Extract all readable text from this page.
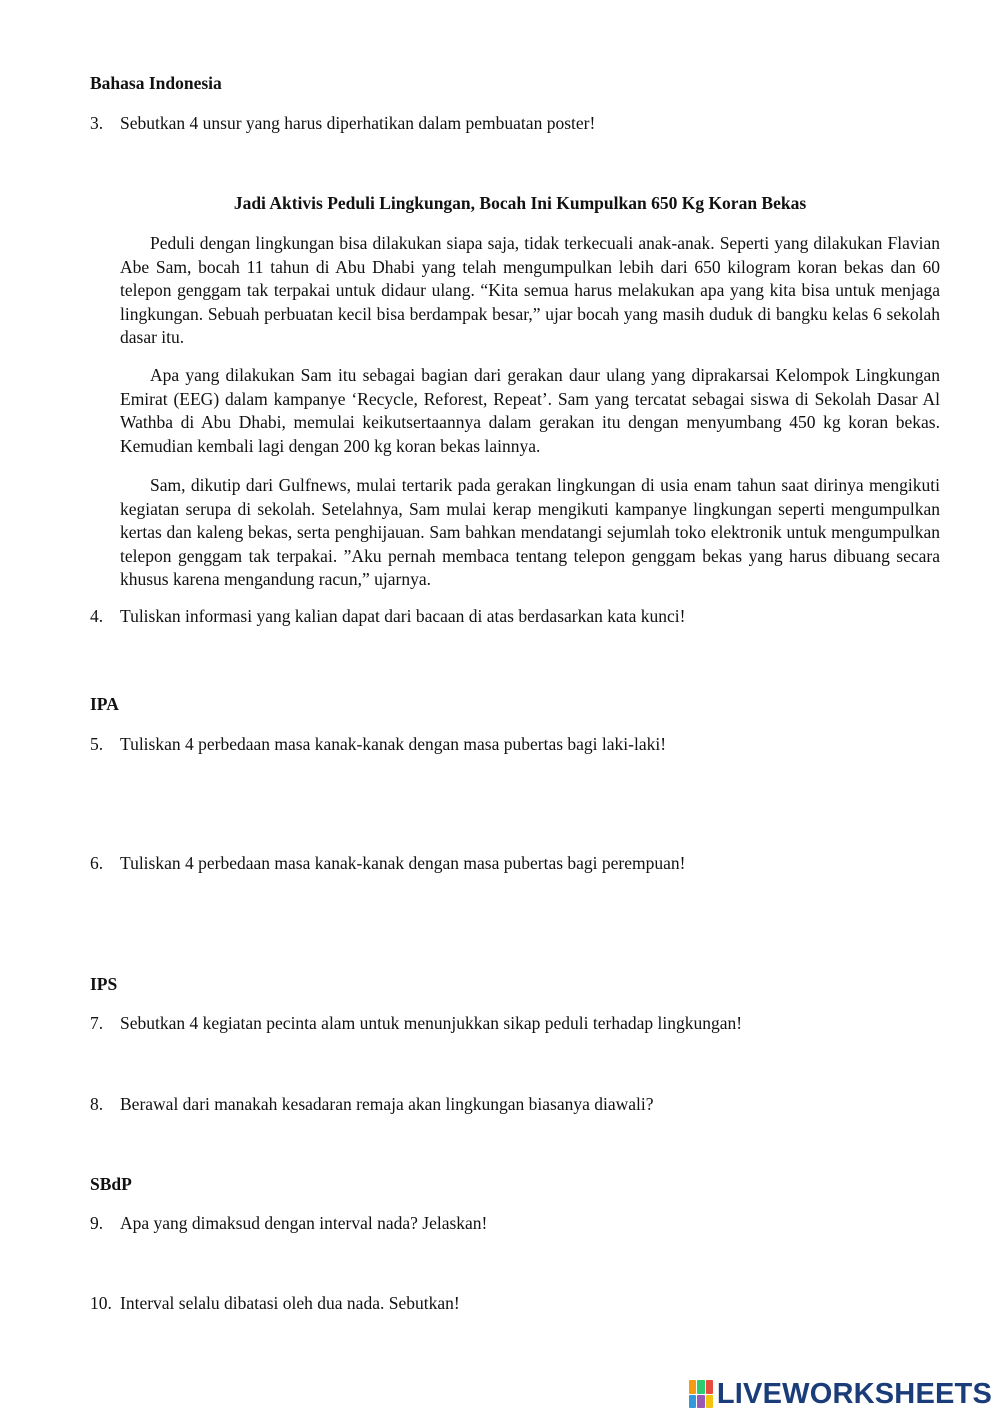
Bahasa Indonesia
3. Sebutkan 4 unsur yang harus diperhatikan dalam pembuatan poster!
Jadi Aktivis Peduli Lingkungan, Bocah Ini Kumpulkan 650 Kg Koran Bekas
Peduli dengan lingkungan bisa dilakukan siapa saja, tidak terkecuali anak-anak. Seperti yang dilakukan Flavian Abe Sam, bocah 11 tahun di Abu Dhabi yang telah mengumpulkan lebih dari 650 kilogram koran bekas dan 60 telepon genggam tak terpakai untuk didaur ulang. “Kita semua harus melakukan apa yang kita bisa untuk menjaga lingkungan. Sebuah perbuatan kecil bisa berdampak besar,” ujar bocah yang masih duduk di bangku kelas 6 sekolah dasar itu.
Apa yang dilakukan Sam itu sebagai bagian dari gerakan daur ulang yang diprakarsai Kelompok Lingkungan Emirat (EEG) dalam kampanye ‘Recycle, Reforest, Repeat’. Sam yang tercatat sebagai siswa di Sekolah Dasar Al Wathba di Abu Dhabi, memulai keikutsertaannya dalam gerakan itu dengan menyumbang 450 kg koran bekas. Kemudian kembali lagi dengan 200 kg koran bekas lainnya.
Sam, dikutip dari Gulfnews, mulai tertarik pada gerakan lingkungan di usia enam tahun saat dirinya mengikuti kegiatan serupa di sekolah. Setelahnya, Sam mulai kerap mengikuti kampanye lingkungan seperti mengumpulkan kertas dan kaleng bekas, serta penghijauan. Sam bahkan mendatangi sejumlah toko elektronik untuk mengumpulkan telepon genggam tak terpakai. ”Aku pernah membaca tentang telepon genggam bekas yang harus dibuang secara khusus karena mengandung racun,” ujarnya.
4. Tuliskan informasi yang kalian dapat dari bacaan di atas berdasarkan kata kunci!
IPA
5. Tuliskan 4 perbedaan masa kanak-kanak dengan masa pubertas bagi laki-laki!
6. Tuliskan 4 perbedaan masa kanak-kanak dengan masa pubertas bagi perempuan!
IPS
7. Sebutkan 4 kegiatan pecinta alam untuk menunjukkan sikap peduli terhadap lingkungan!
8. Berawal dari manakah kesadaran remaja akan lingkungan biasanya diawali?
SBdP
9. Apa yang dimaksud dengan interval nada? Jelaskan!
10. Interval selalu dibatasi oleh dua nada. Sebutkan!
LIVEWORKSHEETS
